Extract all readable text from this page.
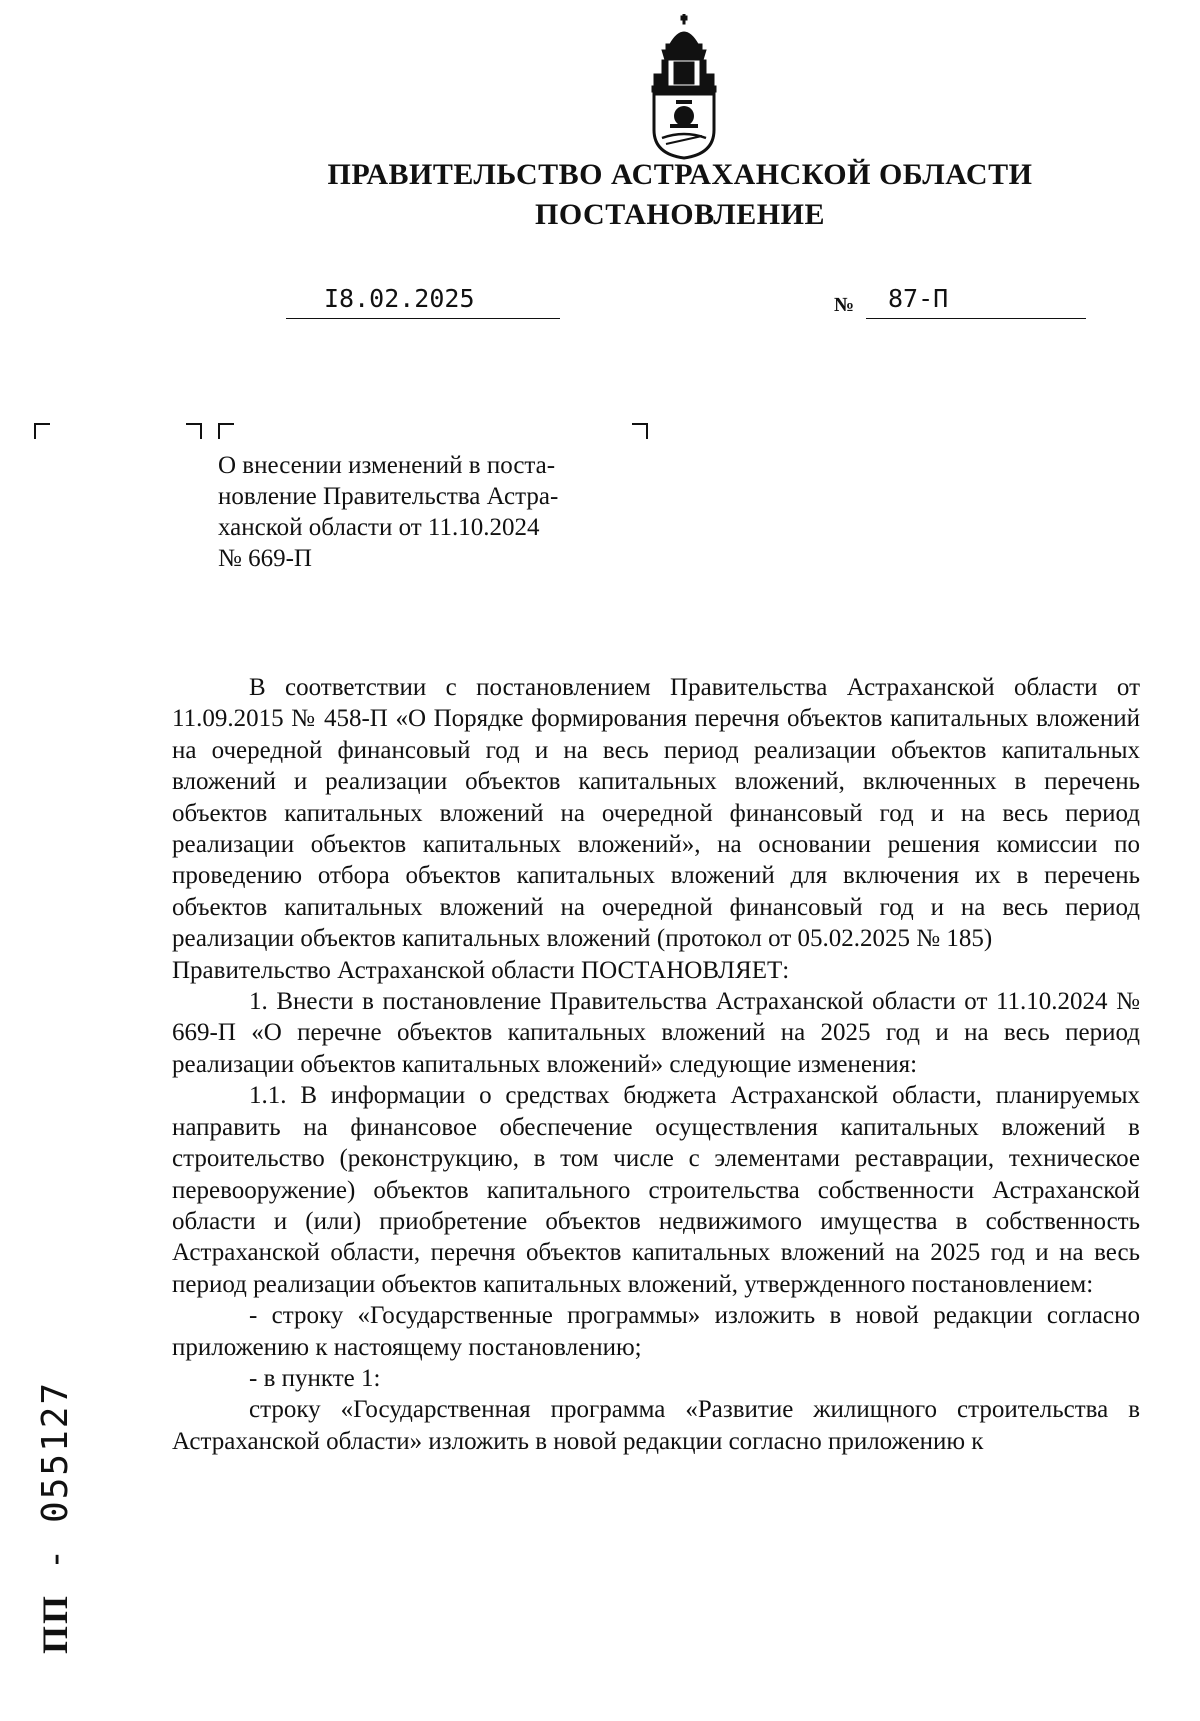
ПРАВИТЕЛЬСТВО АСТРАХАНСКОЙ ОБЛАСТИ
ПОСТАНОВЛЕНИЕ
I8.02.2025	№ 87-П

О внесении изменений в поста-

новление Правительства Астра-

ханской области от 11.10.2024

№ 669-П

В соответствии с постановлением Правительства Астраханской области от 11.09.2015 № 458-П «О Порядке формирования перечня объектов капитальных вложений на очередной финансовый год и на весь период реализации объектов капитальных вложений и реализации объектов капитальных вложений, включенных в перечень объектов капитальных вложений на очередной финансовый год и на весь период реализации объектов капитальных вложений», на основании решения комиссии по проведению отбора объектов капитальных вложений для включения их в перечень объектов капитальных вложений на очередной финансовый год и на весь период реализации объектов капитальных вложений (протокол от 05.02.2025 № 185)

Правительство Астраханской области ПОСТАНОВЛЯЕТ:

1. Внести в постановление Правительства Астраханской области от 11.10.2024 № 669-П «О перечне объектов капитальных вложений на 2025 год и на весь период реализации объектов капитальных вложений» следующие изменения:

1.1. В информации о средствах бюджета Астраханской области, планируемых направить на финансовое обеспечение осуществления капитальных вложений в строительство (реконструкцию, в том числе с элементами реставрации, техническое перевооружение) объектов капитального строительства собственности Астраханской области и (или) приобретение объектов недвижимого имущества в собственность Астраханской области, перечня объектов капитальных вложений на 2025 год и на весь период реализации объектов капитальных вложений, утвержденного постановлением:

- строку «Государственные программы» изложить в новой редакции согласно приложению к настоящему постановлению;

- в пункте 1:

строку «Государственная программа «Развитие жилищного строительства в Астраханской области» изложить в новой редакции согласно приложению к

ПП - 055127
